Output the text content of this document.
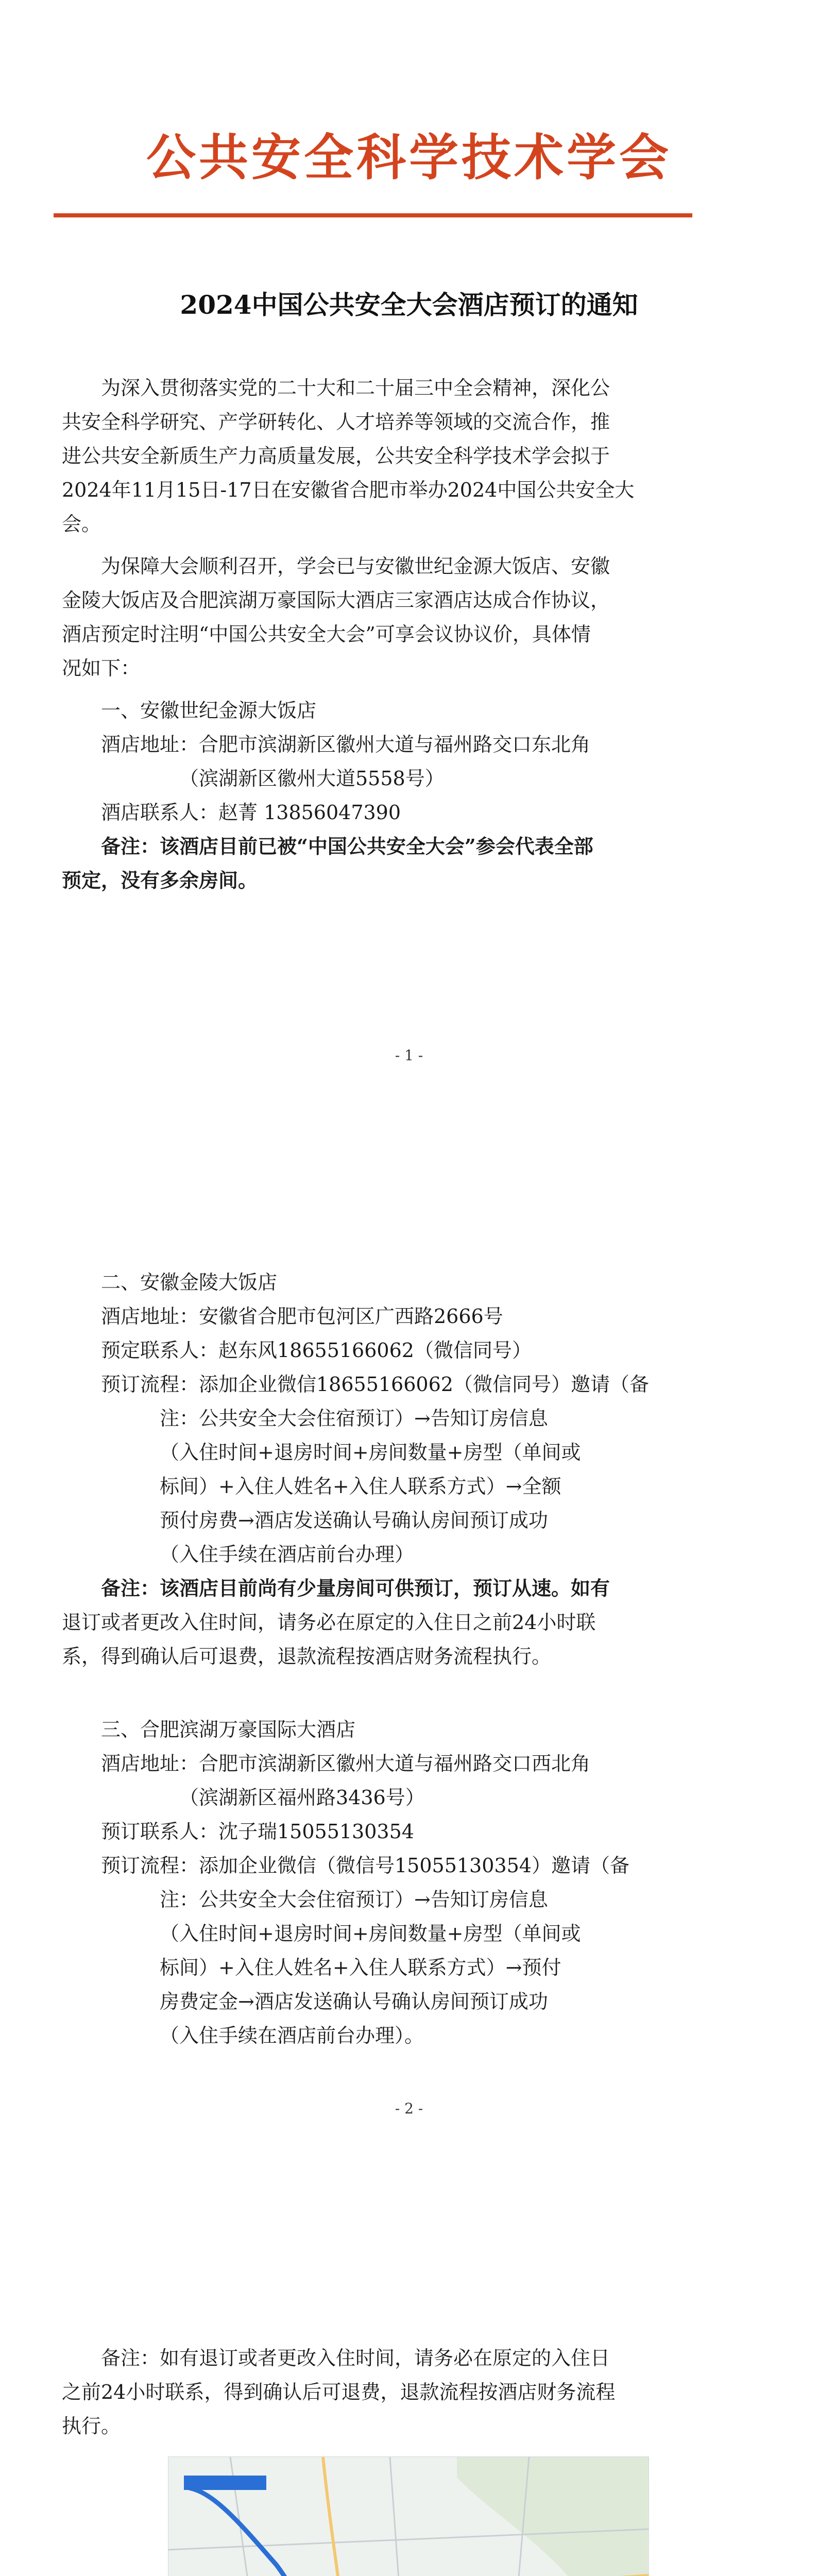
公共安全科学技术学会
2024中国公共安全大会酒店预订的通知
为深入贯彻落实党的二十大和二十届三中全会精神，深化公
共安全科学研究、产学研转化、人才培养等领域的交流合作，推
进公共安全新质生产力高质量发展，公共安全科学技术学会拟于
2024年11月15日-17日在安徽省合肥市举办2024中国公共安全大
会。
为保障大会顺利召开，学会已与安徽世纪金源大饭店、安徽
金陵大饭店及合肥滨湖万豪国际大酒店三家酒店达成合作协议，
酒店预定时注明“中国公共安全大会”可享会议协议价，具体情
况如下：
一、安徽世纪金源大饭店
酒店地址：合肥市滨湖新区徽州大道与福州路交口东北角
（滨湖新区徽州大道5558号）
酒店联系人：赵菁 13856047390
备注：该酒店目前已被“中国公共安全大会”参会代表全部
预定，没有多余房间。
- 1 -
二、安徽金陵大饭店
酒店地址：安徽省合肥市包河区广西路2666号
预定联系人：赵东风18655166062（微信同号）
预订流程：添加企业微信18655166062（微信同号）邀请（备
注：公共安全大会住宿预订）→告知订房信息
（入住时间+退房时间+房间数量+房型（单间或
标间）+入住人姓名+入住人联系方式）→全额
预付房费→酒店发送确认号确认房间预订成功
（入住手续在酒店前台办理）
备注：该酒店目前尚有少量房间可供预订，预订从速。如有
退订或者更改入住时间，请务必在原定的入住日之前24小时联
系，得到确认后可退费，退款流程按酒店财务流程执行。
三、合肥滨湖万豪国际大酒店
酒店地址：合肥市滨湖新区徽州大道与福州路交口西北角
（滨湖新区福州路3436号）
预订联系人：沈子瑞15055130354
预订流程：添加企业微信（微信号15055130354）邀请（备
注：公共安全大会住宿预订）→告知订房信息
（入住时间+退房时间+房间数量+房型（单间或
标间）+入住人姓名+入住人联系方式）→预付
房费定金→酒店发送确认号确认房间预订成功
（入住手续在酒店前台办理）。
- 2 -
备注：如有退订或者更改入住时间，请务必在原定的入住日
之前24小时联系，得到确认后可退费，退款流程按酒店财务流程
执行。
